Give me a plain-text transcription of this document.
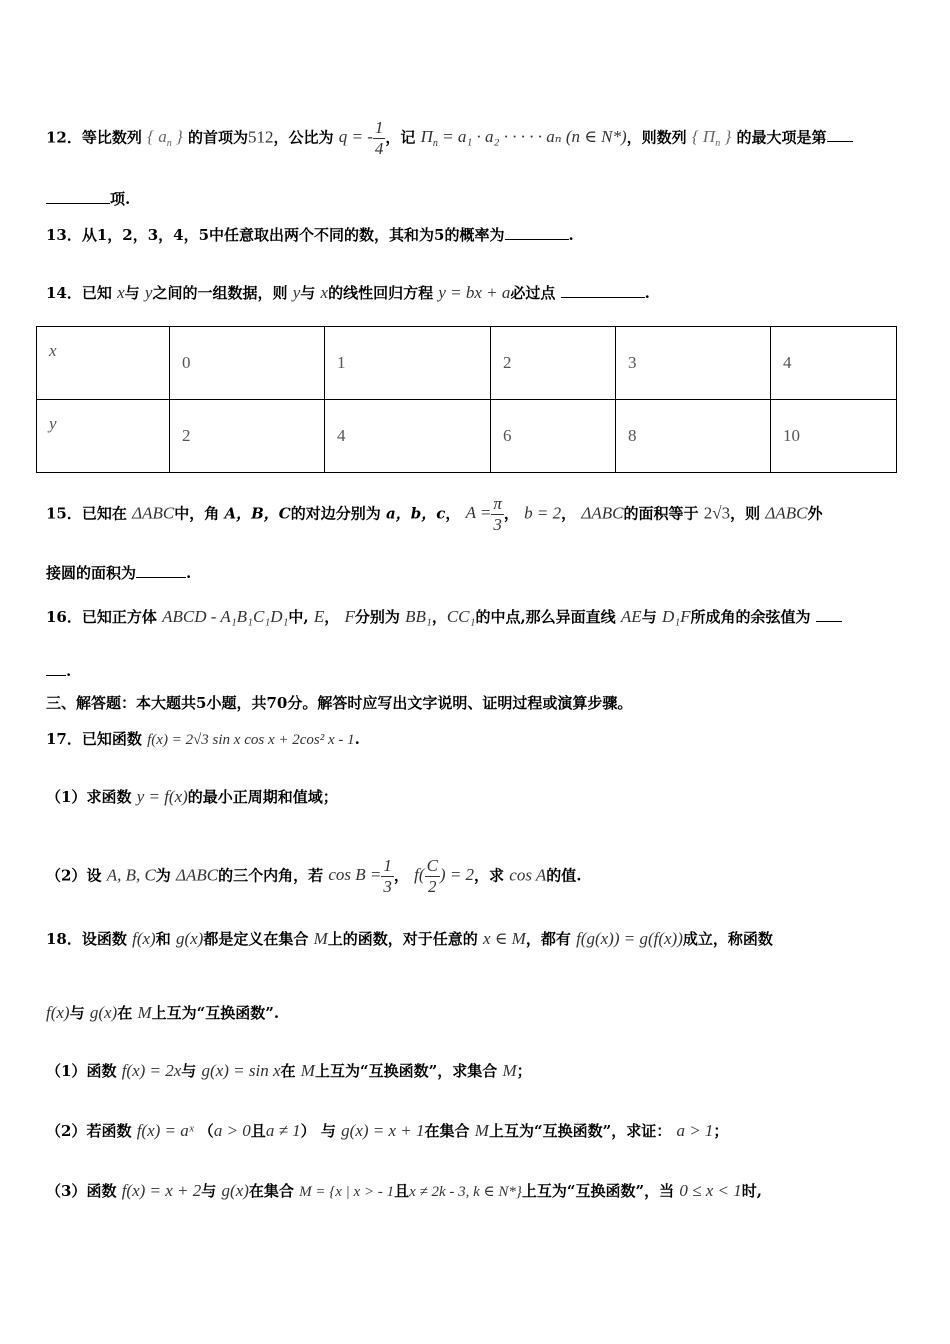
12．等比数列 { $a_n$ } 的首项为512，公比为 q = - $\frac{1}{4}$ ，记 $\Pi_n = a_1 \cdot a_2$ · · · · · aₙ (n ∈ N*)，则数列 { $\Pi_n$ } 的最大项是第
项.
13．从1，2，3，4，5中任意取出两个不同的数，其和为5的概率为	.
14．已知 x与 y之间的一组数据，则 y与 x的线性回归方程 y = bx + a必过点	.
x	0	1	2	3	4
y	2	4	6	8	10
15．已知在 ΔABC中，角 A，B，C的对边分别为 a，b，c， $A = \frac{\pi}{3}$ ， b = 2， ΔABC的面积等于 2√3，则 ΔABC外
接圆的面积为	.
16．已知正方体 ABCD - A₁B₁C₁D₁中, E， F分别为 BB₁，CC₁的中点,那么异面直线 AE与 D₁F所成角的余弦值为
.
三、解答题：本大题共5小题，共70分。解答时应写出文字说明、证明过程或演算步骤。
17．已知函数 f(x) = 2√3 sin x cos x + 2cos² x - 1.
（1）求函数 y = f(x)的最小正周期和值域；
（2）设 A, B, C为 ΔABC的三个内角，若 $\cos B = \frac{1}{3}$ ， $f( \frac{C}{2}$ ) = 2，求 cos A的值.
18．设函数 f(x)和 g(x)都是定义在集合 M上的函数，对于任意的 x ∈ M，都有 f(g(x)) = g(f(x))成立，称函数
f(x)与 g(x)在 M上互为“互换函数”.
（1）函数 f(x) = 2x与 g(x) = sin x在 M上互为“互换函数”，求集合 M；
（2）若函数 f(x) = aˣ （a > 0且a ≠ 1） 与 g(x) = x + 1在集合 M上互为“互换函数”，求证： a > 1；
（3）函数 f(x) = x + 2与 g(x)在集合 M = {x | x > - 1且x ≠ 2k - 3, k ∈ N*}上互为“互换函数”，当 0 ≤ x < 1时,
